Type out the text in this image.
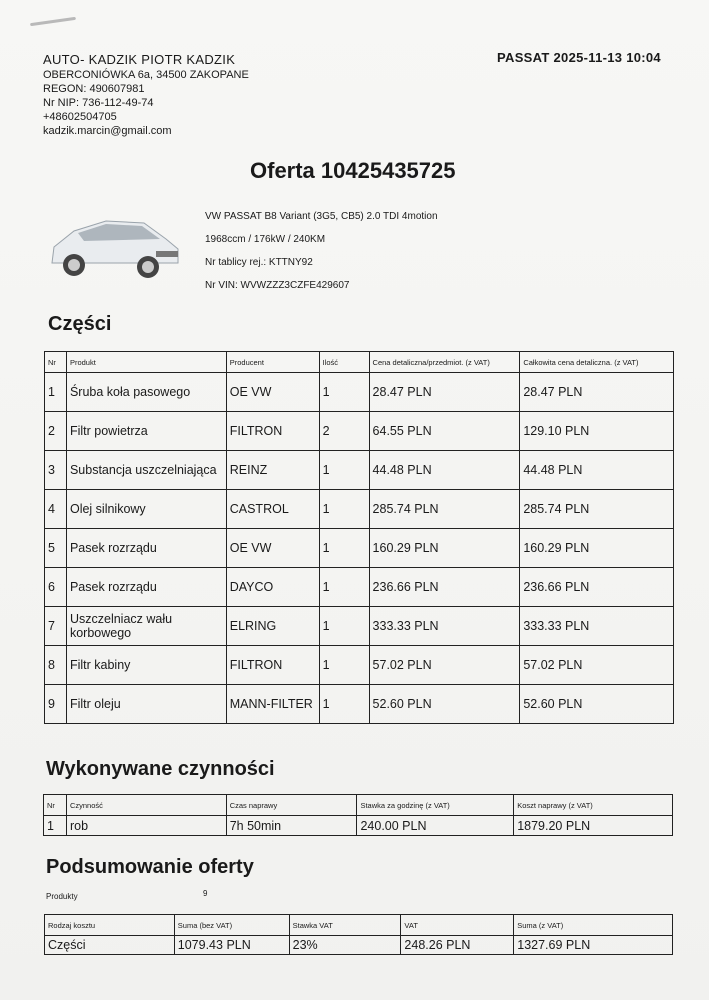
AUTO- KADZIK PIOTR KADZIK
OBERCONIÓWKA 6a, 34500 ZAKOPANE
REGON: 490607981
Nr NIP: 736-112-49-74
+48602504705
kadzik.marcin@gmail.com
PASSAT 2025-11-13 10:04
Oferta 10425435725
VW PASSAT B8 Variant (3G5, CB5) 2.0 TDI 4motion
1968ccm / 176kW / 240KM
Nr tablicy rej.: KTTNY92
Nr VIN: WVWZZZ3CZFE429607
Części
Nr	Produkt	Producent	Ilość	Cena detaliczna/przedmiot. (z VAT)	Całkowita cena detaliczna. (z VAT)
1	Śruba koła pasowego	OE VW	1	28.47 PLN	28.47 PLN
2	Filtr powietrza	FILTRON	2	64.55 PLN	129.10 PLN
3	Substancja uszczelniająca	REINZ	1	44.48 PLN	44.48 PLN
4	Olej silnikowy	CASTROL	1	285.74 PLN	285.74 PLN
5	Pasek rozrządu	OE VW	1	160.29 PLN	160.29 PLN
6	Pasek rozrządu	DAYCO	1	236.66 PLN	236.66 PLN
7	Uszczelniacz wału korbowego	ELRING	1	333.33 PLN	333.33 PLN
8	Filtr kabiny	FILTRON	1	57.02 PLN	57.02 PLN
9	Filtr oleju	MANN-FILTER	1	52.60 PLN	52.60 PLN
Wykonywane czynności
Nr	Czynność	Czas naprawy	Stawka za godzinę (z VAT)	Koszt naprawy (z VAT)
1	rob	7h 50min	240.00 PLN	1879.20 PLN
Podsumowanie oferty
Produkty	9
Rodzaj kosztu	Suma (bez VAT)	Stawka VAT	VAT	Suma (z VAT)
Części	1079.43 PLN	23%	248.26 PLN	1327.69 PLN
